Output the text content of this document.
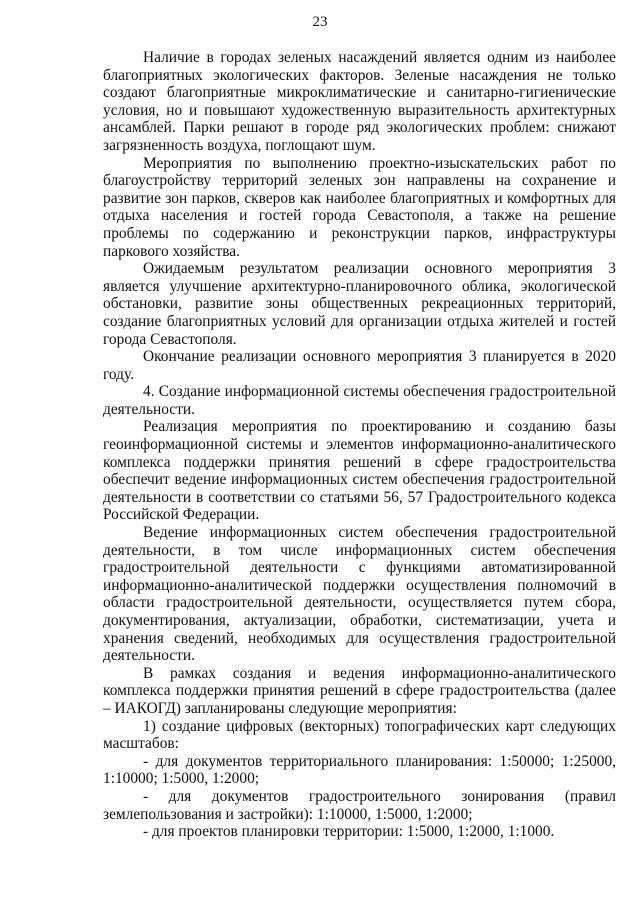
23

Наличие в городах зеленых насаждений является одним из наиболее благоприятных экологических факторов. Зеленые насаждения не только создают благоприятные микроклиматические и санитарно-гигиенические условия, но и повышают художественную выразительность архитектурных ансамблей. Парки решают в городе ряд экологических проблем: снижают загрязненность воздуха, поглощают шум.

Мероприятия по выполнению проектно-изыскательских работ по благоустройству территорий зеленых зон направлены на сохранение и развитие зон парков, скверов как наиболее благоприятных и комфортных для отдыха населения и гостей города Севастополя, а также на решение проблемы по содержанию и реконструкции парков, инфраструктуры паркового хозяйства.

Ожидаемым результатом реализации основного мероприятия 3 является улучшение архитектурно-планировочного облика, экологической обстановки, развитие зоны общественных рекреационных территорий, создание благоприятных условий для организации отдыха жителей и гостей города Севастополя.

Окончание реализации основного мероприятия 3 планируется в 2020 году.

4. Создание информационной системы обеспечения градостроительной деятельности.

Реализация мероприятия по проектированию и созданию базы геоинформационной системы и элементов информационно-аналитического комплекса поддержки принятия решений в сфере градостроительства обеспечит ведение информационных систем обеспечения градостроительной деятельности в соответствии со статьями 56, 57 Градостроительного кодекса Российской Федерации.

Ведение информационных систем обеспечения градостроительной деятельности, в том числе информационных систем обеспечения градостроительной деятельности с функциями автоматизированной информационно-аналитической поддержки осуществления полномочий в области градостроительной деятельности, осуществляется путем сбора, документирования, актуализации, обработки, систематизации, учета и хранения сведений, необходимых для осуществления градостроительной деятельности.

В рамках создания и ведения информационно-аналитического комплекса поддержки принятия решений в сфере градостроительства (далее – ИАКОГД) запланированы следующие мероприятия:

1) создание цифровых (векторных) топографических карт следующих масштабов:

- для документов территориального планирования: 1:50000; 1:25000, 1:10000; 1:5000, 1:2000;

- для документов градостроительного зонирования (правил землепользования и застройки): 1:10000, 1:5000, 1:2000;

- для проектов планировки территории: 1:5000, 1:2000, 1:1000.
